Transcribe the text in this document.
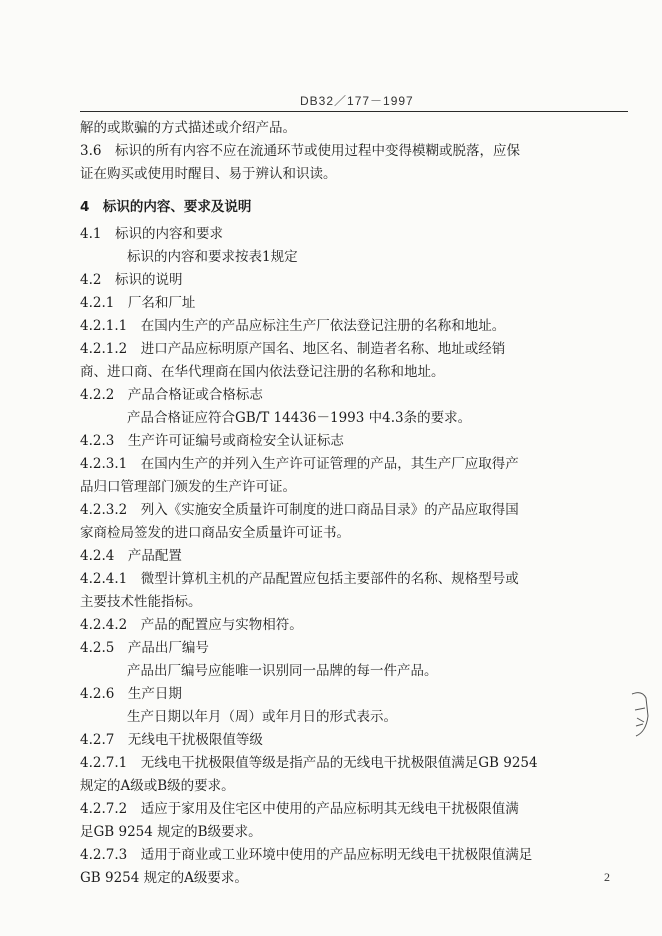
DB32／177－1997
解的或欺骗的方式描述或介绍产品。
3.6　标识的所有内容不应在流通环节或使用过程中变得模糊或脱落，应保
证在购买或使用时醒目、易于辨认和识读。
4　标识的内容、要求及说明
4.1　标识的内容和要求
标识的内容和要求按表1规定
4.2　标识的说明
4.2.1　厂名和厂址
4.2.1.1　在国内生产的产品应标注生产厂依法登记注册的名称和地址。
4.2.1.2　进口产品应标明原产国名、地区名、制造者名称、地址或经销
商、进口商、在华代理商在国内依法登记注册的名称和地址。
4.2.2　产品合格证或合格标志
产品合格证应符合GB/T 14436－1993 中4.3条的要求。
4.2.3　生产许可证编号或商检安全认证标志
4.2.3.1　在国内生产的并列入生产许可证管理的产品，其生产厂应取得产
品归口管理部门颁发的生产许可证。
4.2.3.2　列入《实施安全质量许可制度的进口商品目录》的产品应取得国
家商检局签发的进口商品安全质量许可证书。
4.2.4　产品配置
4.2.4.1　微型计算机主机的产品配置应包括主要部件的名称、规格型号或
主要技术性能指标。
4.2.4.2　产品的配置应与实物相符。
4.2.5　产品出厂编号
产品出厂编号应能唯一识别同一品牌的每一件产品。
4.2.6　生产日期
生产日期以年月（周）或年月日的形式表示。
4.2.7　无线电干扰极限值等级
4.2.7.1　无线电干扰极限值等级是指产品的无线电干扰极限值满足GB 9254
规定的A级或B级的要求。
4.2.7.2　适应于家用及住宅区中使用的产品应标明其无线电干扰极限值满
足GB 9254 规定的B级要求。
4.2.7.3　适用于商业或工业环境中使用的产品应标明无线电干扰极限值满足
GB 9254 规定的A级要求。	2
